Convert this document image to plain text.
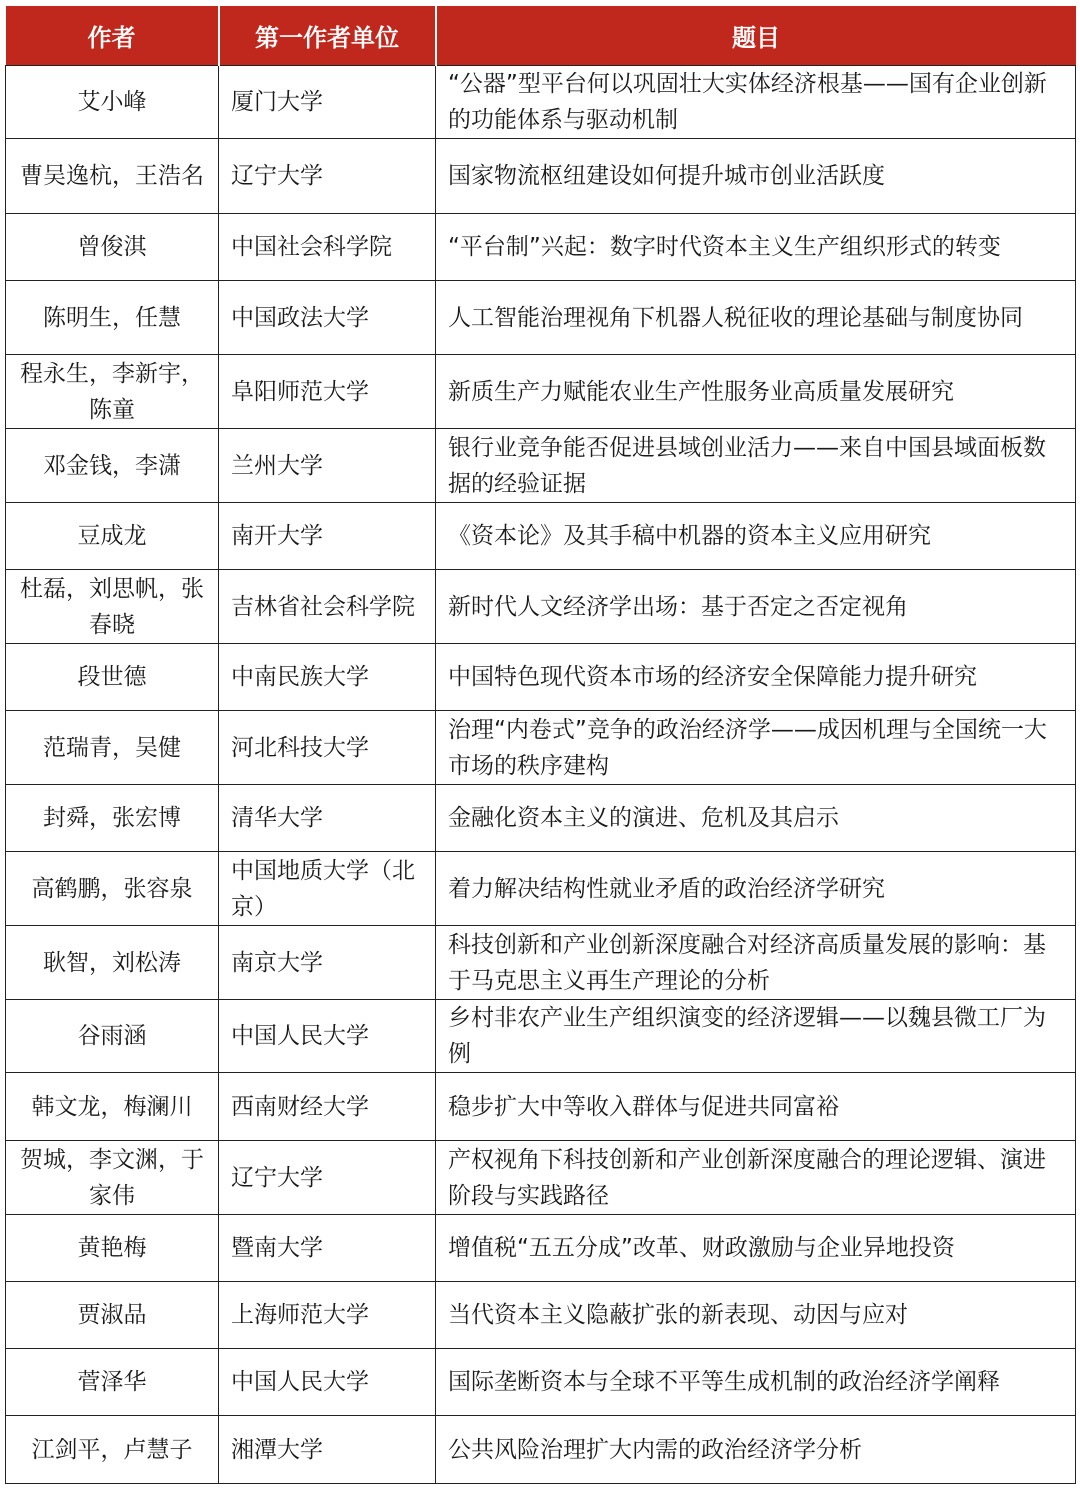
作者	第一作者单位	题目
艾小峰	厦门大学	“公器”型平台何以巩固壮大实体经济根基——国有企业创新的功能体系与驱动机制
曹吴逸杭，王浩名	辽宁大学	国家物流枢纽建设如何提升城市创业活跃度
曾俊淇	中国社会科学院	“平台制”兴起：数字时代资本主义生产组织形式的转变
陈明生，任慧	中国政法大学	人工智能治理视角下机器人税征收的理论基础与制度协同
程永生，李新宇，陈童	阜阳师范大学	新质生产力赋能农业生产性服务业高质量发展研究
邓金钱，李潇	兰州大学	银行业竞争能否促进县域创业活力——来自中国县域面板数据的经验证据
豆成龙	南开大学	《资本论》及其手稿中机器的资本主义应用研究
杜磊，刘思帆，张春晓	吉林省社会科学院	新时代人文经济学出场：基于否定之否定视角
段世德	中南民族大学	中国特色现代资本市场的经济安全保障能力提升研究
范瑞青，吴健	河北科技大学	治理“内卷式”竞争的政治经济学——成因机理与全国统一大市场的秩序建构
封舜，张宏博	清华大学	金融化资本主义的演进、危机及其启示
高鹤鹏，张容泉	中国地质大学（北京）	着力解决结构性就业矛盾的政治经济学研究
耿智，刘松涛	南京大学	科技创新和产业创新深度融合对经济高质量发展的影响：基于马克思主义再生产理论的分析
谷雨涵	中国人民大学	乡村非农产业生产组织演变的经济逻辑——以魏县微工厂为例
韩文龙，梅澜川	西南财经大学	稳步扩大中等收入群体与促进共同富裕
贺城，李文渊，于家伟	辽宁大学	产权视角下科技创新和产业创新深度融合的理论逻辑、演进阶段与实践路径
黄艳梅	暨南大学	增值税“五五分成”改革、财政激励与企业异地投资
贾淑品	上海师范大学	当代资本主义隐蔽扩张的新表现、动因与应对
菅泽华	中国人民大学	国际垄断资本与全球不平等生成机制的政治经济学阐释
江剑平，卢慧子	湘潭大学	公共风险治理扩大内需的政治经济学分析
